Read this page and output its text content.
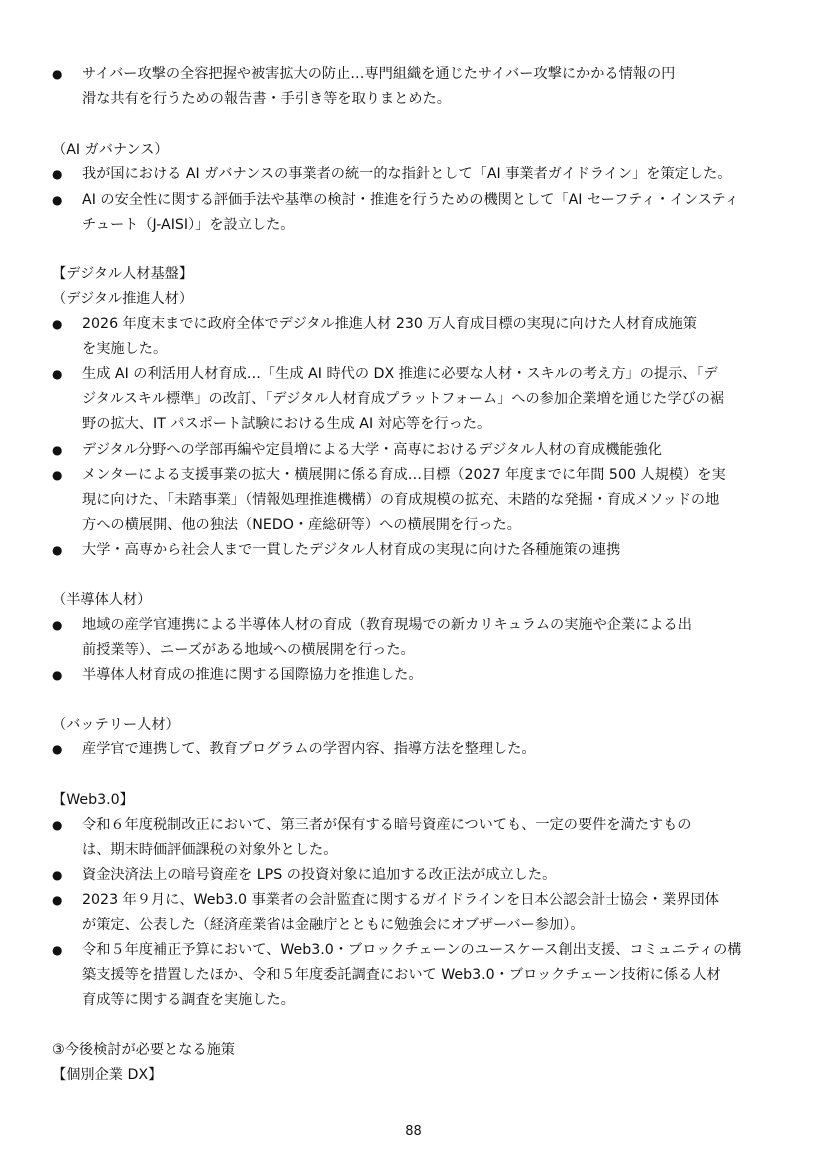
● サイバー攻撃の全容把握や被害拡大の防止…専門組織を通じたサイバー攻撃にかかる情報の円
滑な共有を行うための報告書・手引き等を取りまとめた。
（AI ガバナンス）
● 我が国における AI ガバナンスの事業者の統一的な指針として「AI 事業者ガイドライン」を策定した。
● AI の安全性に関する評価手法や基準の検討・推進を行うための機関として「AI セーフティ・インスティ
チュート（J-AISI）」を設立した。
【デジタル人材基盤】
（デジタル推進人材）
● 2026 年度末までに政府全体でデジタル推進人材 230 万人育成目標の実現に向けた人材育成施策
を実施した。
● 生成 AI の利活用人材育成…「生成 AI 時代の DX 推進に必要な人材・スキルの考え方」の提示、「デ
ジタルスキル標準」の改訂、「デジタル人材育成プラットフォーム」への参加企業増を通じた学びの裾
野の拡大、IT パスポート試験における生成 AI 対応等を行った。
● デジタル分野への学部再編や定員増による大学・高専におけるデジタル人材の育成機能強化
● メンターによる支援事業の拡大・横展開に係る育成…目標（2027 年度までに年間 500 人規模）を実
現に向けた、「未踏事業」（情報処理推進機構）の育成規模の拡充、未踏的な発掘・育成メソッドの地
方への横展開、他の独法（NEDO・産総研等）への横展開を行った。
● 大学・高専から社会人まで一貫したデジタル人材育成の実現に向けた各種施策の連携
（半導体人材）
● 地域の産学官連携による半導体人材の育成（教育現場での新カリキュラムの実施や企業による出
前授業等）、ニーズがある地域への横展開を行った。
● 半導体人材育成の推進に関する国際協力を推進した。
（バッテリー人材）
● 産学官で連携して、教育プログラムの学習内容、指導方法を整理した。
【Web3.0】
● 令和６年度税制改正において、第三者が保有する暗号資産についても、一定の要件を満たすもの
は、期末時価評価課税の対象外とした。
● 資金決済法上の暗号資産を LPS の投資対象に追加する改正法が成立した。
● 2023 年９月に、Web3.0 事業者の会計監査に関するガイドラインを日本公認会計士協会・業界団体
が策定、公表した（経済産業省は金融庁とともに勉強会にオブザーバー参加）。
● 令和５年度補正予算において、Web3.0・ブロックチェーンのユースケース創出支援、コミュニティの構
築支援等を措置したほか、令和５年度委託調査において Web3.0・ブロックチェーン技術に係る人材
育成等に関する調査を実施した。
③今後検討が必要となる施策
【個別企業 DX】
88
